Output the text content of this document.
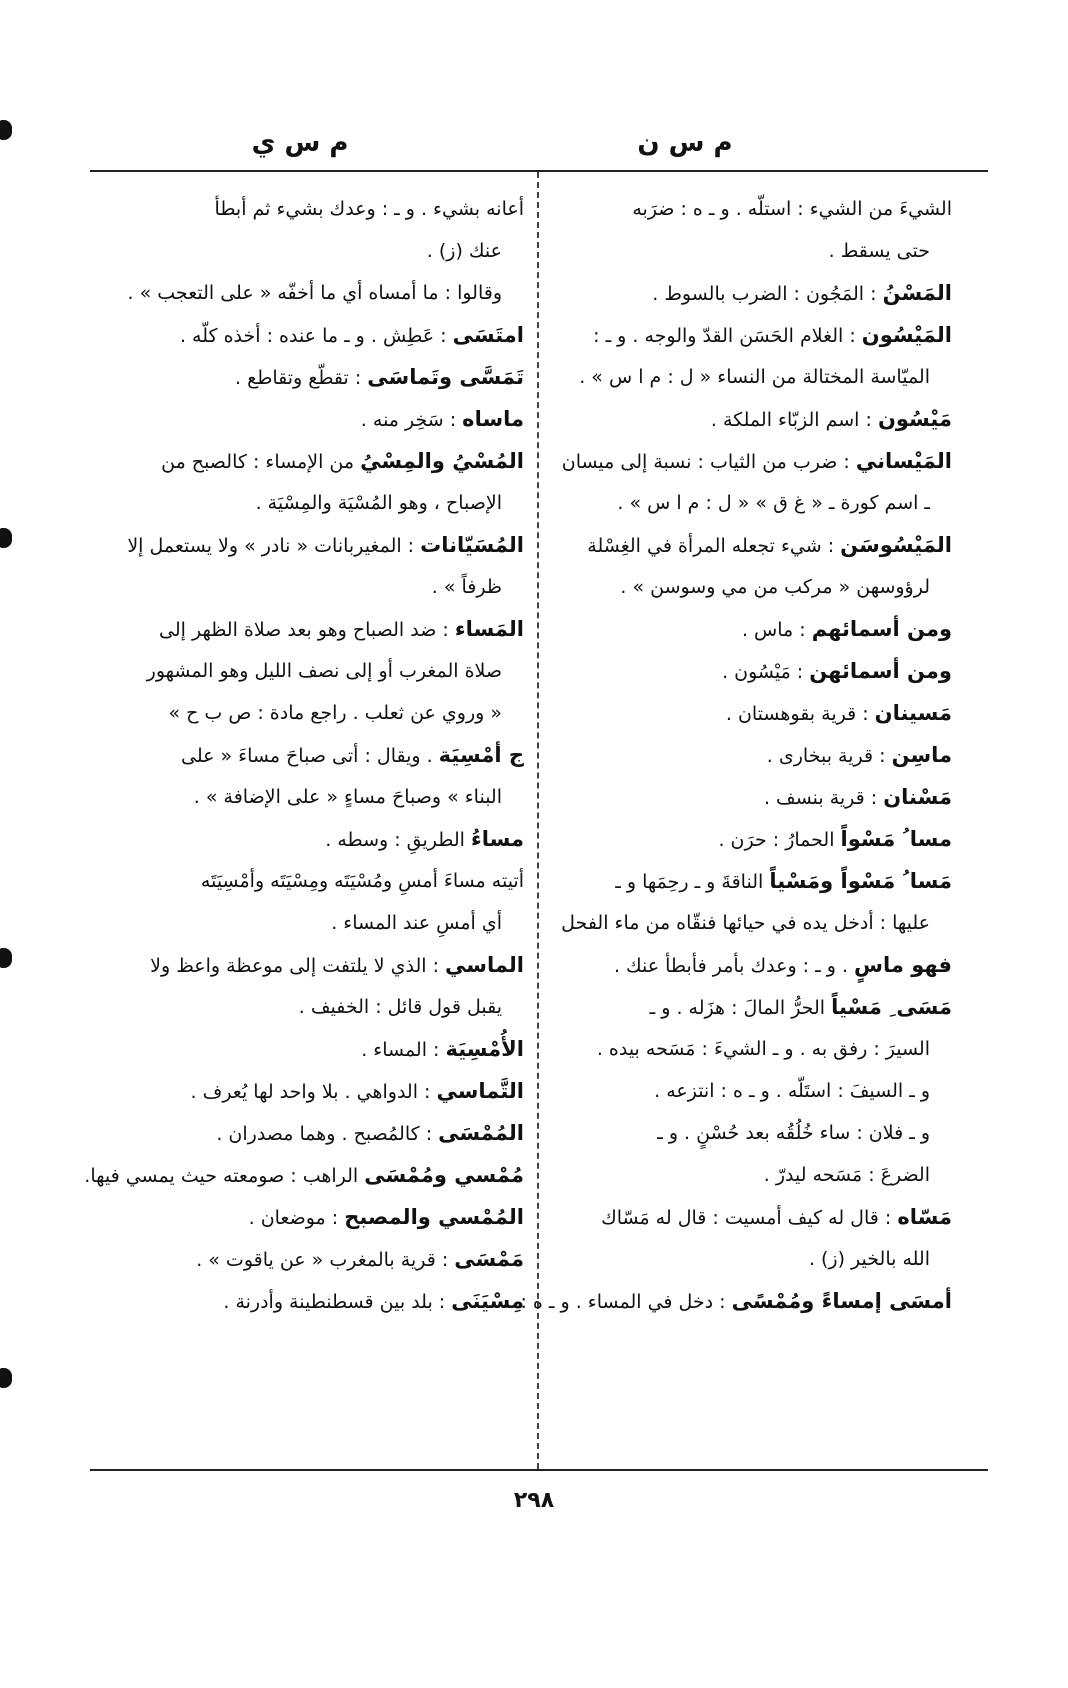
م س ن
م س ي
الشيءَ من الشيء : استلّه . و ـ ه : ضرَبه
حتى يسقط .
المَسْنُ : المَجُون : الضرب بالسوط .
المَيْسُون : الغلام الحَسَن القدّ والوجه . و ـ :
الميّاسة المختالة من النساء « ل : م ا س » .
مَيْسُون : اسم الزبّاء الملكة .
المَيْساني : ضرب من الثياب : نسبة إلى ميسان
ـ اسم كورة ـ « غ ق » « ل : م ا س » .
المَيْسُوسَن : شيء تجعله المرأة في الغِسْلة
لرؤوسهن « مركب من مي وسوسن » .
ومن أسمائهم : ماس .
ومن أسمائهن : مَيْسُون .
مَسينان : قرية بقوهستان .
ماسِن : قرية ببخارى .
مَسْنان : قرية بنسف .
مسا ُ مَسْواً الحمارُ : حرَن .
مَسا ُ مَسْواً ومَسْياً الناقةَ و ـ رحِمَها و ـ
عليها : أدخل يده في حيائها فنقّاه من ماء الفحل
فهو ماسٍ . و ـ : وعدك بأمر فأبطأ عنك .
مَسَى ِ مَسْياً الحرُّ المالَ : هزَله . و ـ
السيرَ : رفق به . و ـ الشيءَ : مَسَحه بيده .
و ـ السيفَ : استَلّه . و ـ ه : انتزعه .
و ـ فلان : ساء خُلُقُه بعد حُسْنٍ . و ـ
الضرعَ : مَسَحه ليدرّ .
مَسّاه : قال له كيف أمسيت : قال له مَسّاك
الله بالخير (ز) .
أمسَى إمساءً ومُمْسًى : دخل في المساء . و ـ ه :
أعانه بشيء . و ـ : وعدك بشيء ثم أبطأ
عنك (ز) .
وقالوا : ما أمساه أي ما أخفّه « على التعجب » .
امتَسَى : عَطِش . و ـ ما عنده : أخذه كلّه .
تَمَسَّى وتَماسَى : تقطّع وتقاطع .
ماساه : سَخِر منه .
المُسْيُ والمِسْيُ من الإمساء : كالصبح من
الإصباح ، وهو المُسْيَة والمِسْيَة .
المُسَيّانات : المغيربانات « نادر » ولا يستعمل إلا
ظرفاً » .
المَساء : ضد الصباح وهو بعد صلاة الظهر إلى
صلاة المغرب أو إلى نصف الليل وهو المشهور
« وروي عن ثعلب . راجع مادة : ص ب ح »
ج أمْسِيَة . ويقال : أتى صباحَ مساءَ « على
البناء » وصباحَ مساءٍ « على الإضافة » .
مساءُ الطريقِ : وسطه .
أتيته مساءَ أمسِ ومُسْيَتَه ومِسْيَتَه وأمْسِيَتَه
أي أمسِ عند المساء .
الماسي : الذي لا يلتفت إلى موعظة واعظ ولا
يقبل قول قائل : الخفيف .
الأُمْسِيَة : المساء .
التَّماسي : الدواهي . بلا واحد لها يُعرف .
المُمْسَى : كالمُصبح . وهما مصدران .
مُمْسي ومُمْسَى الراهب : صومعته حيث يمسي فيها.
المُمْسي والمصبح : موضعان .
مَمْسَى : قرية بالمغرب « عن ياقوت » .
مِسْيَنَى : بلد بين قسطنطينة وأدرنة .
٢٩٨
